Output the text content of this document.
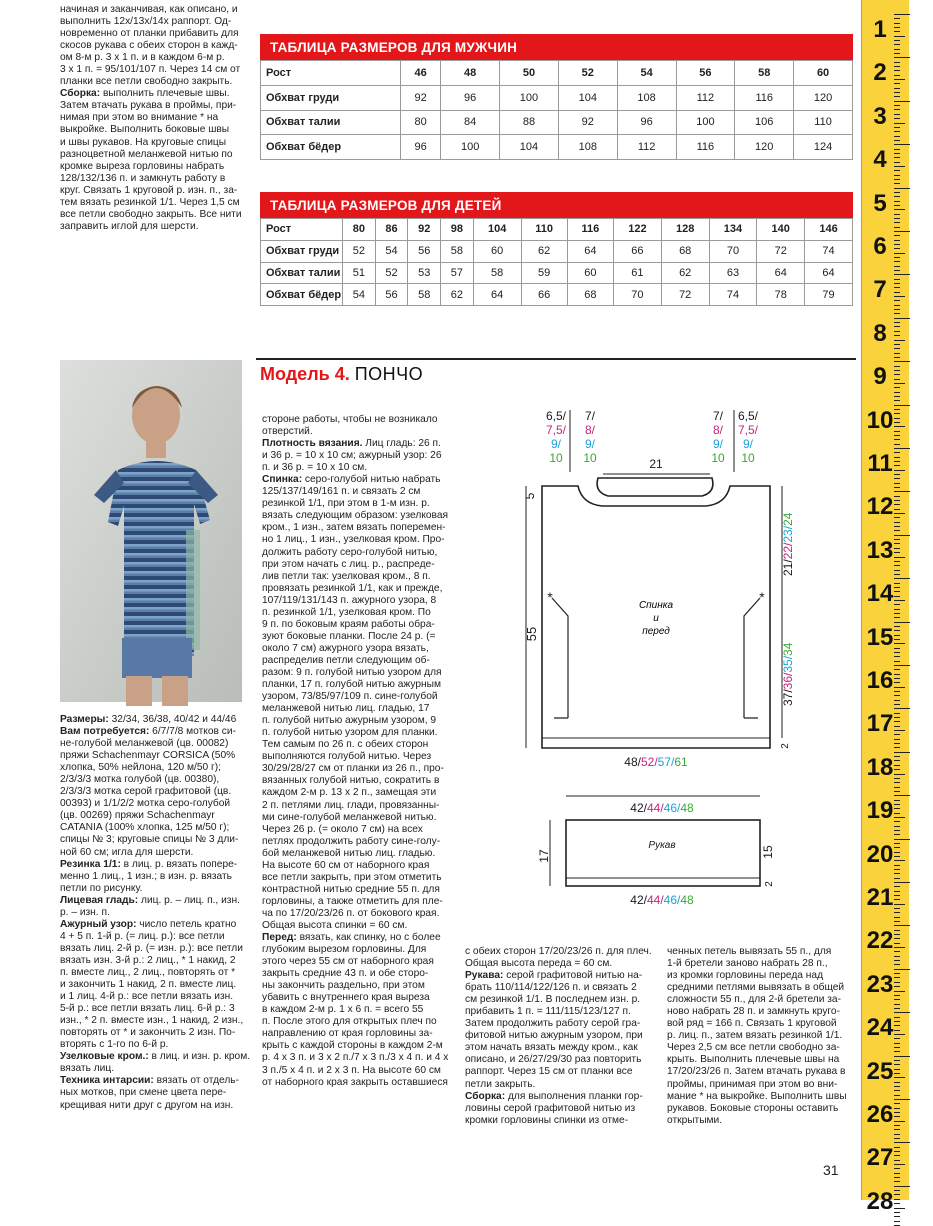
начиная и заканчивая, как описано, и
выполнить 12х/13х/14х раппорт. Од-
новременно от планки прибавить для
скосов рукава с обеих сторон в кажд-
ом 8-м р. 3 х 1 п. и в каждом 6-м р.
3 х 1 п. = 95/101/107 п. Через 14 см от
планки все петли свободно закрыть.

Сборка: выполнить плечевые швы.
Затем втачать рукава в проймы, при-
нимая при этом во внимание * на
выкройке. Выполнить боковые швы
и швы рукавов. На круговые спицы
разноцветной меланжевой нитью по
кромке выреза горловины набрать
128/132/136 п. и замкнуть работу в
круг. Связать 1 круговой р. изн. п., за-
тем вязать резинкой 1/1. Через 1,5 см
все петли свободно закрыть. Все нити
заправить иглой для шерсти.

ТАБЛИЦА РАЗМЕРОВ ДЛЯ МУЖЧИН
Рост	46	48	50	52	54	56	58	60
Обхват груди	92	96	100	104	108	112	116	120
Обхват талии	80	84	88	92	96	100	106	110
Обхват бёдер	96	100	104	108	112	116	120	124
ТАБЛИЦА РАЗМЕРОВ ДЛЯ ДЕТЕЙ
Рост	80	86	92	98	104	110	116	122	128	134	140	146
Обхват груди	52	54	56	58	60	62	64	66	68	70	72	74
Обхват талии	51	52	53	57	58	59	60	61	62	63	64	64
Обхват бёдер	54	56	58	62	64	66	68	70	72	74	78	79
Модель 4. ПОНЧО

Размеры: 32/34, 36/38, 40/42 и 44/46

Вам потребуется: 6/7/7/8 мотков си-
не-голубой меланжевой (цв. 00082)
пряжи Schachenmayr CORSICA (50%
хлопка, 50% нейлона, 120 м/50 г);
2/3/3/3 мотка голубой (цв. 00380),
2/3/3/3 мотка серой графитовой (цв.
00393) и 1/1/2/2 мотка серо-голубой
(цв. 00269) пряжи Schachenmayr
CATANIA (100% хлопка, 125 м/50 г);
спицы № 3; круговые спицы № 3 дли-
ной 60 см; игла для шерсти.

Резинка 1/1: в лиц. р. вязать попере-
менно 1 лиц., 1 изн.; в изн. р. вязать
петли по рисунку.

Лицевая гладь: лиц. р. – лиц. п., изн.
р. – изн. п.

Ажурный узор: число петель кратно
4 + 5 п. 1-й р. (= лиц. р.): все петли
вязать лиц. 2-й р. (= изн. р.): все петли
вязать изн. 3-й р.: 2 лиц., * 1 накид, 2
п. вместе лиц., 2 лиц., повторять от *
и закончить 1 накид, 2 п. вместе лиц.
и 1 лиц. 4-й р.: все петли вязать изн.
5-й р.: все петли вязать лиц. 6-й р.: 3
изн., * 2 п. вместе изн., 1 накид, 2 изн.,
повторять от * и закончить 2 изн. По-
вторять с 1-го по 6-й р.

Узелковые кром.: в лиц. и изн. р. кром.
вязать лиц.

Техника интарсии: вязать от отдель-
ных мотков, при смене цвета пере-
крещивая нити друг с другом на изн.

стороне работы, чтобы не возникало
отверстий.

Плотность вязания. Лиц гладь: 26 п.
и 36 р. = 10 х 10 см; ажурный узор: 26
п. и 36 р. = 10 х 10 см.

Спинка: серо-голубой нитью набрать
125/137/149/161 п. и связать 2 см
резинкой 1/1, при этом в 1-м изн. р.
вязать следующим образом: узелковая
кром., 1 изн., затем вязать поперемен-
но 1 лиц., 1 изн., узелковая кром. Про-
должить работу серо-голубой нитью,
при этом начать с лиц. р., распреде-
лив петли так: узелковая кром., 8 п.
провязать резинкой 1/1, как и прежде,
107/119/131/143 п. ажурного узора, 8
п. резинкой 1/1, узелковая кром. По
9 п. по боковым краям работы обра-
зуют боковые планки. После 24 р. (=
около 7 см) ажурного узора вязать,
распределив петли следующим об-
разом: 9 п. голубой нитью узором для
планки, 17 п. голубой нитью ажурным
узором, 73/85/97/109 п. сине-голубой
меланжевой нитью лиц. гладью, 17
п. голубой нитью ажурным узором, 9
п. голубой нитью узором для планки.
Тем самым по 26 п. с обеих сторон
выполняются голубой нитью. Через
30/29/28/27 см от планки из 26 п., про-
вязанных голубой нитью, сократить в
каждом 2-м р. 13 х 2 п., замещая эти
2 п. петлями лиц. глади, провязанны-
ми сине-голубой меланжевой нитью.
Через 26 р. (= около 7 см) на всех
петлях продолжить работу сине-голу-
бой меланжевой нитью лиц. гладью.
На высоте 60 см от наборного края
все петли закрыть, при этом отметить
контрастной нитью средние 55 п. для
горловины, а также отметить для пле-
ча по 17/20/23/26 п. от бокового края.
Общая высота спинки = 60 см.

Перед: вязать, как спинку, но с более
глубоким вырезом горловины. Для
этого через 55 см от наборного края
закрыть средние 43 п. и обе сторо-
ны закончить раздельно, при этом
убавить с внутреннего края выреза
в каждом 2-м р. 1 х 6 п. = всего 55
п. После этого для открытых плеч по
направлению от края горловины за-
крыть с каждой стороны в каждом 2-м
р. 4 х 3 п. и 3 х 2 п./7 х 3 п./3 х 4 п. и 4 х
3 п./5 х 4 п. и 2 х 3 п. На высоте 60 см
от наборного края закрыть оставшиеся

с обеих сторон 17/20/23/26 п. для плеч.
Общая высота переда = 60 см.

Рукава: серой графитовой нитью на-
брать 110/114/122/126 п. и связать 2
см резинкой 1/1. В последнем изн. р.
прибавить 1 п. = 111/115/123/127 п.
Затем продолжить работу серой гра-
фитовой нитью ажурным узором, при
этом начать вязать между кром., как
описано, и 26/27/29/30 раз повторить
раппорт. Через 15 см от планки все
петли закрыть.

Сборка: для выполнения планки гор-
ловины серой графитовой нитью из
кромки горловины спинки из отме-

ченных петель вывязать 55 п., для
1-й бретели заново набрать 28 п.,
из кромки горловины переда над
средними петлями вывязать в общей
сложности 55 п., для 2-й бретели за-
ново набрать 28 п. и замкнуть круго-
вой ряд = 166 п. Связать 1 круговой
р. лиц. п., затем вязать резинкой 1/1.
Через 2,5 см все петли свободно за-
крыть. Выполнить плечевые швы на
17/20/23/26 п. Затем втачать рукава в
проймы, принимая при этом во вни-
мание * на выкройке. Выполнить швы
рукавов. Боковые стороны оставить
открытыми.

6,5/
7,5/
9/
10
7/
8/
9/
10
7/
8/
9/
10
6,5/
7,5/
9/
10
21
*	*
55
5
21/22/23/24
37/36/35/34
2
Спинка и перед
48/52/57/61
42/44/46/48
Рукав
17	15
2
42/44/46/48
1
2
3
4
5
6
7
8
9
10
11
12
13
14
15
16
17
18
19
20
21
22
23
24
25
26
27
28
31
